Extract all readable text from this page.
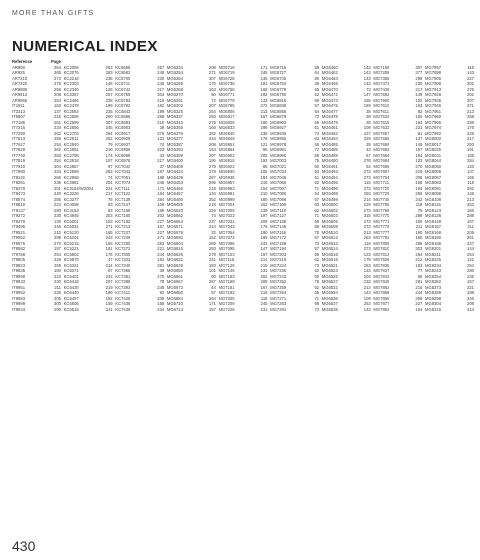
MORE THAN GIFTS
NUMERICAL INDEX
Reference	Page
AR908	264
AR925	265
AR7210	273
AR7220	275
AR9889	258
AR9914	208
AR9965	264
IT1911	163
IT2313	137
IT5807	215
IT7185	261
IT7216	234
IT7290	262
IT7613	255
IT7627	254
IT7629	262
IT7740	283
IT7819	254
IT7910	304
IT7980	234
IT8119	266
IT8261	236
IT8276	201
IT8473	240
IT8574	285
IT8810	224
IT9137	280
IT9272	235
IT9279	130
IT9495	245
IT9521	212
IT9552	298
IT9575	270
IT9582	197
IT9788	254
IT9805	229
IT9823	259
IT9835	180
IT9899	223
IT9933	230
IT9951	211
IT9952	235
IT9983	305
IT9999	300
IT9934	290
KC2056	263
KC2076	263
KC2216	238
KC2303	148
KC2340	126
KC2387	257
KC2466	238
KC2478	199
KC2554	235
KC2586	290
KC2599	307
KC2656	245
KC2703	264
KC2811	262
KC2840	79
KC2891	210
KC2798	174
KC2818	167
KC2857	97
KC2868	283
KC2966	74
KC2982	254
KC3184/W2004	224
KC3226	217
KC3277	76
KC4098	83
KC4153	83
KC4945	203
KC5001	153
KC5031	271
KC5120	165
KC5201	243
KC5215	155
KC5221	191
KC5802	176
KC5870	47
KC6321	214
KC6371	87
KC6401	243
KC6418	207
KC6430	219
KC6440	199
KC6457	192
KC6506	159
KC6516	241
KC6566	257
KC6582	248
KC6700	220
KC6711	245
KC6742	217
KC6759	304
KC6783	219
KC6792	192
KC6843	199
KC6865	268
KC6883	210
KC6903	39
KC6917	279
KC6929	131
KC6937	74
KC6956	223
KC6969	43
KC6976	217
KC7042	37
KC7043	167
KC7051	188
KC7074	246
KC7111	171
KC7122	164
KC7138	284
KC7147	106
KC7158	189
KC7160	202
KC7182	227
KC7213	157
KC7227	227
KC7249	271
KC7260	253
KC7272	221
KC7305	244
KC7323	191
KC7340	281
KC7365	39
KC7381	270
KC7386	78
KC7393	246
KC7411	92
KC7428	209
KC7436	158
KC7439	234
MG6234	208
MG6254	271
MG6264	307
MG6266	170
MG6268	163
MG6270	50
MG6291	72
MG6302	207
MG6325	254
MG6337	293
MG6343	279
MG6355	168
MG6376	282
MG6377	234
MG6387	208
MG6393	153
MG6398	207
MG6400	195
MG6409	279
MG6424	278
MG6439	287
MG6453	295
MG6465	218
MG6467	134
MG6480	252
MG6485	218
MG6520	226
MG6562	74
MG6564	237
MG6571	224
MG6578	32
MG6592	152
MG6604	289
MG6616	293
MG6626	279
MG6632	241
MG6639	183
MG6650	101
MG6661	90
MG6667	257
MG6673	44
MG6680	57
MG6684	264
MG6710	171
MG6714	157
MG6716	171
MG6719	245
MG6728	136
MG6736	191
MG6755	168
MG6771	192
MG6779	133
MG6785	272
MG6806	213
MG6817	167
MG6826	180
MG6833	298
MG6840	236
MG6849	176
MG6851	121
MG6864	96
MG6902	205
MG6915	192
MG6922	86
MG6930	105
MG6935	184
MG6957	218
MG6963	164
MG6981	210
MG6999	180
MG7004	263
MG7009	239
MG7023	197
MG7031	209
MG7043	176
MG7054	190
MG7073	195
MG7086	241
MG7095	147
MG7103	197
MG7115	214
MG7129	219
MG7146	131
MG7153	262
MG7169	289
MG7181	167
MG7192	216
MG7205	118
MG7209	245
MG7226	231
MG6718	59
MG6727	64
MG6745	80
MG6764	49
MG6779	65
MG6790	52
MG6818	69
MG6836	57
MG6858	54
MG6879	72
MG6903	55
MG6927	61
MG6935	74
MG6955	63
MG6978	56
MG6981	72
MG6990	68
MG7003	75
MG7021	60
MG7034	53
MG7048	61
MG7056	62
MG7067	71
MG7080	54
MG7096	57
MG7105	63
MG7118	62
MG7127	71
MG7138	66
MG7146	59
MG7155	75
MG7172	67
MG7188	73
MG7194	57
MG7203	69
MG7219	62
MG7224	73
MG7235	52
MG7243	60
MG7252	78
MG7259	62
MG7264	65
MG7271	71
MG7283	66
MG7291	73
MG6460	143
MG6462	143
MG6464	143
MG6468	143
MG6470	73
MG6472	147
MG6473	165
MG6475	169
MG6477	38
MG6478	38
MG6479	38
MG6481	109
MG6483	237
MG6484	329
MG6485	39
MG6486	43
MG6488	67
MG6490	276
MG6491	54
MG6493	273
MG6494	273
MG6495	115
MG6496	273
MG6498	293
MG6499	214
MG6500	229
MG6502	273
MG6503	315
MG6505	273
MG6508	273
MG6510	213
MG6512	253
MG6513	118
MG6514	273
MG6516	123
MG6518	178
MG6521	253
MG6523	133
MG6525	203
MG6527	233
MG6532	213
MG6534	143
MG6536	109
MG6537	253
MG6538	143
MG7195	307
MG7208	377
MG7368	298
MG7373	230
MG7436	217
MG7592	149
MG7600	102
MG7610	163
MG7611	82
MG7534	180
MG7615	164
MG7633	221
MG7657	81
MG7658	137
MG7659	149
MG7663	157
MG7664	184
MG7684	103
MG7696	270
MG7697	219
MG7704	208
MG7711	165
MG7720	194
MG7725	269
MG7745	242
MG7765	118
MG7769	75
MG7770	288
MG7771	150
MG7776	211
MG7777	190
MG7782	155
MG7809	288
MG7810	303
MG7813	254
MG7828	212
MG7836	183
MG7837	77
MG7843	68
MG7849	281
MG7862	216
MG7868	244
MG7869	306
MG7877	227
MG7892	154
MG7897	115
MG7898	143
MG7905	227
MG7908	302
MG7913	276
MG7926	202
MG7935	307
MG7946	271
MG7951	213
MG7960	258
MG7966	289
MG7974	176
MG7992	225
MG8002	217
MG8017	293
MG8025	191
MG8031	168
MG8044	284
MG8050	120
MG8056	137
MG8067	165
MG8083	118
MG8091	282
MG8096	146
MG8108	213
MG8115	253
MG8123	166
MG8136	289
MG8149	167
MG8157	211
MG8166	205
MG8180	261
MG8186	247
MG8201	144
MG8211	254
MG8225	122
MG8234	254
MG8243	280
MG8254	235
MG8262	157
MG8273	221
MG8289	188
MG8298	246
MG8304	209
MG8315	214
430
